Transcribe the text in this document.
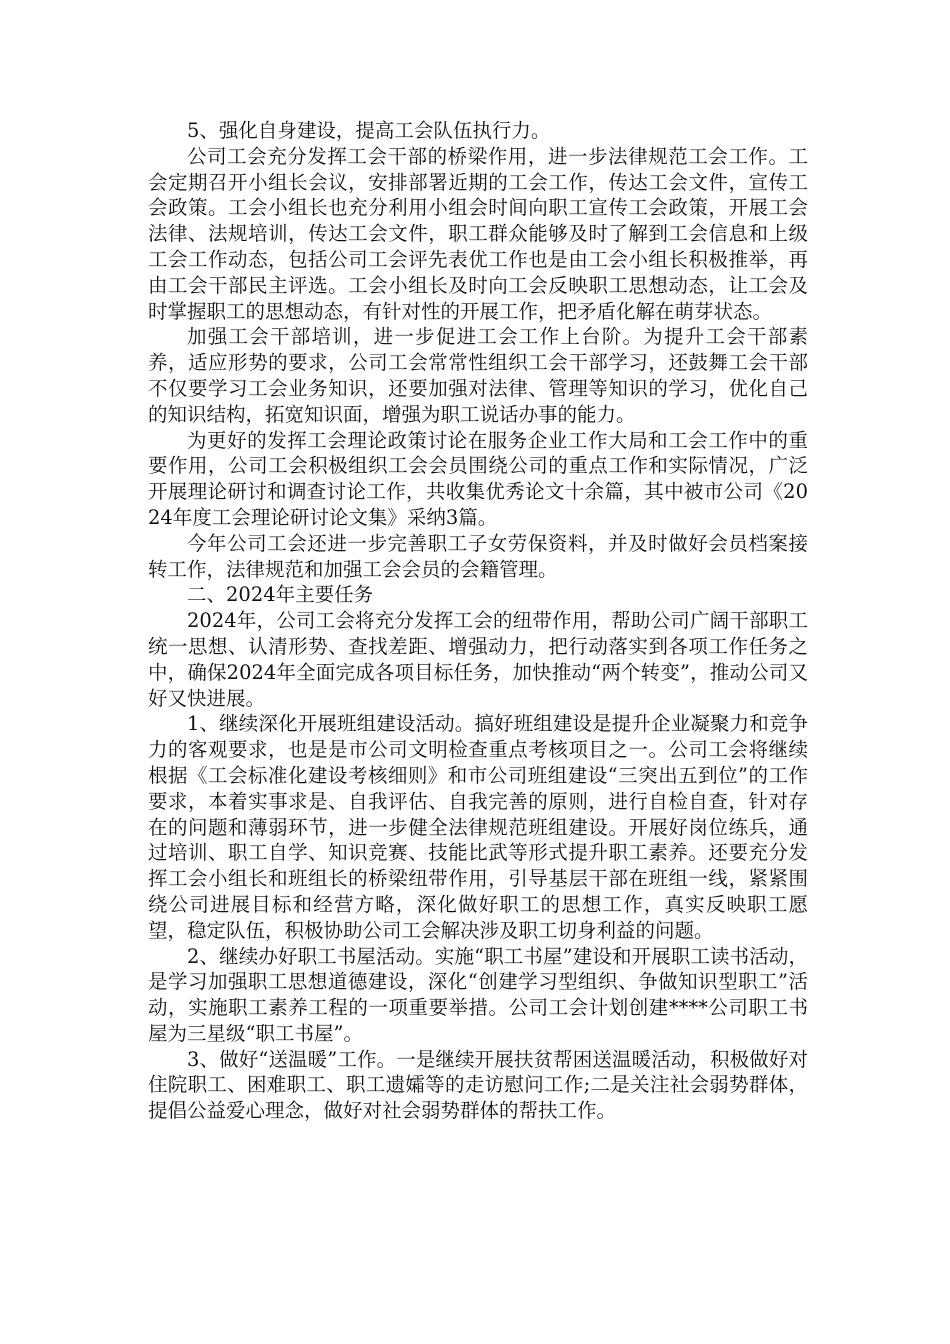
5、强化自身建设，提高工会队伍执行力。

公司工会充分发挥工会干部的桥梁作用，进一步法律规范工会工作。工会定期召开小组长会议，安排部署近期的工会工作，传达工会文件，宣传工会政策。工会小组长也充分利用小组会时间向职工宣传工会政策，开展工会法律、法规培训，传达工会文件，职工群众能够及时了解到工会信息和上级工会工作动态，包括公司工会评先表优工作也是由工会小组长积极推举，再由工会干部民主评选。工会小组长及时向工会反映职工思想动态，让工会及时掌握职工的思想动态，有针对性的开展工作，把矛盾化解在萌芽状态。

加强工会干部培训，进一步促进工会工作上台阶。为提升工会干部素养，适应形势的要求，公司工会常常性组织工会干部学习，还鼓舞工会干部不仅要学习工会业务知识，还要加强对法律、管理等知识的学习，优化自己的知识结构，拓宽知识面，增强为职工说话办事的能力。

为更好的发挥工会理论政策讨论在服务企业工作大局和工会工作中的重要作用，公司工会积极组织工会会员围绕公司的重点工作和实际情况，广泛开展理论研讨和调查讨论工作，共收集优秀论文十余篇，其中被市公司《2024年度工会理论研讨论文集》采纳3篇。

今年公司工会还进一步完善职工子女劳保资料，并及时做好会员档案接转工作，法律规范和加强工会会员的会籍管理。

二、2024年主要任务

2024年，公司工会将充分发挥工会的纽带作用，帮助公司广阔干部职工统一思想、认清形势、查找差距、增强动力，把行动落实到各项工作任务之中，确保2024年全面完成各项目标任务，加快推动“两个转变”，推动公司又好又快进展。

1、继续深化开展班组建设活动。搞好班组建设是提升企业凝聚力和竞争力的客观要求，也是是市公司文明检查重点考核项目之一。公司工会将继续根据《工会标准化建设考核细则》和市公司班组建设“三突出五到位”的工作要求，本着实事求是、自我评估、自我完善的原则，进行自检自查，针对存在的问题和薄弱环节，进一步健全法律规范班组建设。开展好岗位练兵，通过培训、职工自学、知识竞赛、技能比武等形式提升职工素养。还要充分发挥工会小组长和班组长的桥梁纽带作用，引导基层干部在班组一线，紧紧围绕公司进展目标和经营方略，深化做好职工的思想工作，真实反映职工愿望，稳定队伍，积极协助公司工会解决涉及职工切身利益的问题。

2、继续办好职工书屋活动。实施“职工书屋”建设和开展职工读书活动，是学习加强职工思想道德建设，深化“创建学习型组织、争做知识型职工”活动，实施职工素养工程的一项重要举措。公司工会计划创建****公司职工书屋为三星级“职工书屋”。

3、做好“送温暖”工作。一是继续开展扶贫帮困送温暖活动，积极做好对住院职工、困难职工、职工遗孀等的走访慰问工作;二是关注社会弱势群体，提倡公益爱心理念，做好对社会弱势群体的帮扶工作。
